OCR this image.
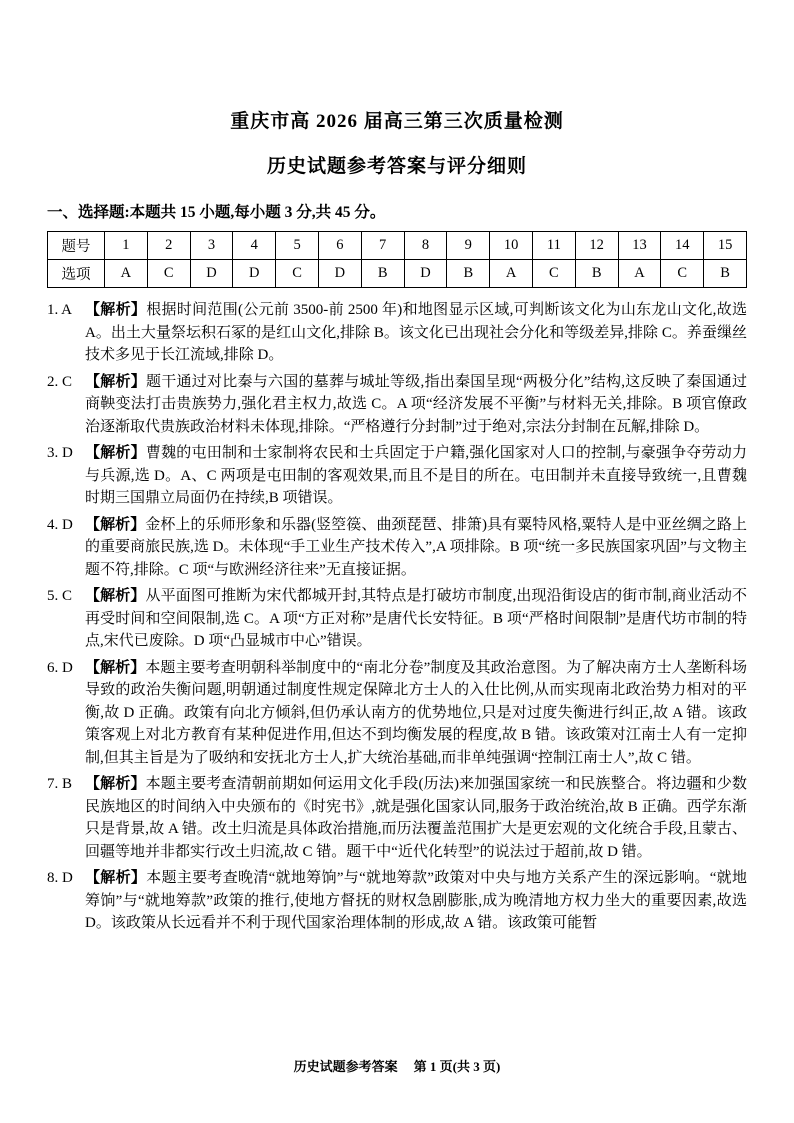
重庆市高 2026 届高三第三次质量检测
历史试题参考答案与评分细则
一、选择题:本题共 15 小题,每小题 3 分,共 45 分。
题号	1	2	3	4	5	6	7	8	9	10	11	12	13	14	15
选项	A	C	D	D	C	D	B	D	B	A	C	B	A	C	B
1. A 【解析】根据时间范围(公元前 3500-前 2500 年)和地图显示区域,可判断该文化为山东龙山文化,故选 A。出土大量祭坛积石冢的是红山文化,排除 B。该文化已出现社会分化和等级差异,排除 C。养蚕缫丝技术多见于长江流域,排除 D。
2. C 【解析】题干通过对比秦与六国的墓葬与城址等级,指出秦国呈现“两极分化”结构,这反映了秦国通过商鞅变法打击贵族势力,强化君主权力,故选 C。A 项“经济发展不平衡”与材料无关,排除。B 项官僚政治逐渐取代贵族政治材料未体现,排除。“严格遵行分封制”过于绝对,宗法分封制在瓦解,排除 D。
3. D 【解析】曹魏的屯田制和士家制将农民和士兵固定于户籍,强化国家对人口的控制,与豪强争夺劳动力与兵源,选 D。A、C 两项是屯田制的客观效果,而且不是目的所在。屯田制并未直接导致统一,且曹魏时期三国鼎立局面仍在持续,B 项错误。
4. D 【解析】金杯上的乐师形象和乐器(竖箜篌、曲颈琵琶、排箫)具有粟特风格,粟特人是中亚丝绸之路上的重要商旅民族,选 D。未体现“手工业生产技术传入”,A 项排除。B 项“统一多民族国家巩固”与文物主题不符,排除。C 项“与欧洲经济往来”无直接证据。
5. C 【解析】从平面图可推断为宋代都城开封,其特点是打破坊市制度,出现沿街设店的街市制,商业活动不再受时间和空间限制,选 C。A 项“方正对称”是唐代长安特征。B 项“严格时间限制”是唐代坊市制的特点,宋代已废除。D 项“凸显城市中心”错误。
6. D 【解析】本题主要考查明朝科举制度中的“南北分卷”制度及其政治意图。为了解决南方士人垄断科场导致的政治失衡问题,明朝通过制度性规定保障北方士人的入仕比例,从而实现南北政治势力相对的平衡,故 D 正确。政策有向北方倾斜,但仍承认南方的优势地位,只是对过度失衡进行纠正,故 A 错。该政策客观上对北方教育有某种促进作用,但达不到均衡发展的程度,故 B 错。该政策对江南士人有一定抑制,但其主旨是为了吸纳和安抚北方士人,扩大统治基础,而非单纯强调“控制江南士人”,故 C 错。
7. B 【解析】本题主要考查清朝前期如何运用文化手段(历法)来加强国家统一和民族整合。将边疆和少数民族地区的时间纳入中央颁布的《时宪书》,就是强化国家认同,服务于政治统治,故 B 正确。西学东渐只是背景,故 A 错。改土归流是具体政治措施,而历法覆盖范围扩大是更宏观的文化统合手段,且蒙古、回疆等地并非都实行改土归流,故 C 错。题干中“近代化转型”的说法过于超前,故 D 错。
8. D 【解析】本题主要考查晚清“就地筹饷”与“就地筹款”政策对中央与地方关系产生的深远影响。“就地筹饷”与“就地筹款”政策的推行,使地方督抚的财权急剧膨胀,成为晚清地方权力坐大的重要因素,故选 D。该政策从长远看并不利于现代国家治理体制的形成,故 A 错。该政策可能暂
历史试题参考答案 第 1 页(共 3 页)
